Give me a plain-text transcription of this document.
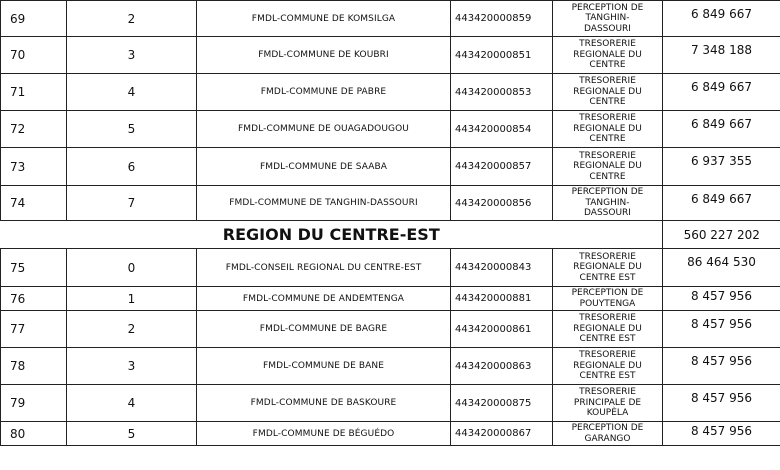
69	2	FMDL-COMMUNE DE KOMSILGA	443420000859	PERCEPTION DE TANGHIN-DASSOURI	6 849 667
70	3	FMDL-COMMUNE DE KOUBRI	443420000851	TRESORERIE REGIONALE DU CENTRE	7 348 188
71	4	FMDL-COMMUNE DE PABRE	443420000853	TRESORERIE REGIONALE DU CENTRE	6 849 667
72	5	FMDL-COMMUNE DE OUAGADOUGOU	443420000854	TRESORERIE REGIONALE DU CENTRE	6 849 667
73	6	FMDL-COMMUNE DE SAABA	443420000857	TRESORERIE REGIONALE DU CENTRE	6 937 355
74	7	FMDL-COMMUNE DE TANGHIN-DASSOURI	443420000856	PERCEPTION DE TANGHIN-DASSOURI	6 849 667
REGION DU CENTRE-EST					560 227 202
75	0	FMDL-CONSEIL REGIONAL DU CENTRE-EST	443420000843	TRESORERIE REGIONALE DU CENTRE EST	86 464 530
76	1	FMDL-COMMUNE DE ANDEMTENGA	443420000881	PERCEPTION DE POUYTENGA	8 457 956
77	2	FMDL-COMMUNE DE BAGRE	443420000861	TRESORERIE REGIONALE DU CENTRE EST	8 457 956
78	3	FMDL-COMMUNE DE BANE	443420000863	TRESORERIE REGIONALE DU CENTRE EST	8 457 956
79	4	FMDL-COMMUNE DE BASKOURE	443420000875	TRESORERIE PRINCIPALE DE KOUPÈLA	8 457 956
80	5	FMDL-COMMUNE DE BÉGUÉDO	443420000867	PERCEPTION DE GARANGO	8 457 956
